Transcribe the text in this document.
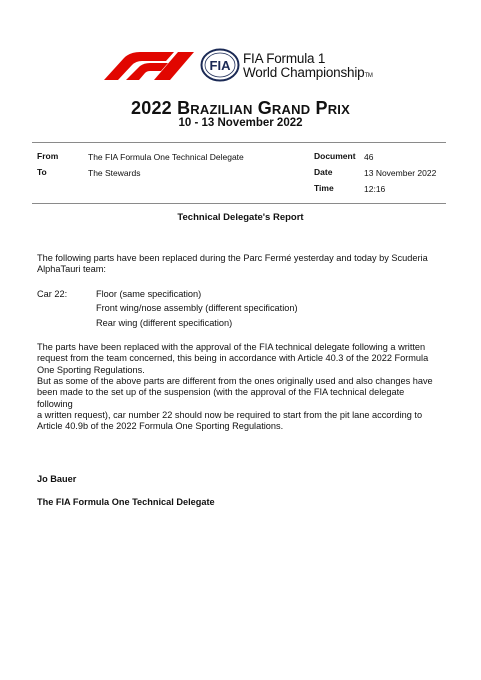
FIA FIA Formula 1
World ChampionshipTM
2022 Brazilian Grand Prix
10 - 13 November 2022
From	The FIA Formula One Technical Delegate	Document 46
To	The Stewards	Date	13 November 2022
Time	12:16
Technical Delegate's Report
The following parts have been replaced during the Parc Fermé yesterday and today by Scuderia
AlphaTauri team:
Car 22:	Floor (same specification)
Front wing/nose assembly (different specification)
Rear wing (different specification)
The parts have been replaced with the approval of the FIA technical delegate following a written
request from the team concerned, this being in accordance with Article 40.3 of the 2022 Formula
One Sporting Regulations.
But as some of the above parts are different from the ones originally used and also changes have
been made to the set up of the suspension (with the approval of the FIA technical delegate following
a written request), car number 22 should now be required to start from the pit lane according to
Article 40.9b of the 2022 Formula One Sporting Regulations.
Jo Bauer
The FIA Formula One Technical Delegate
